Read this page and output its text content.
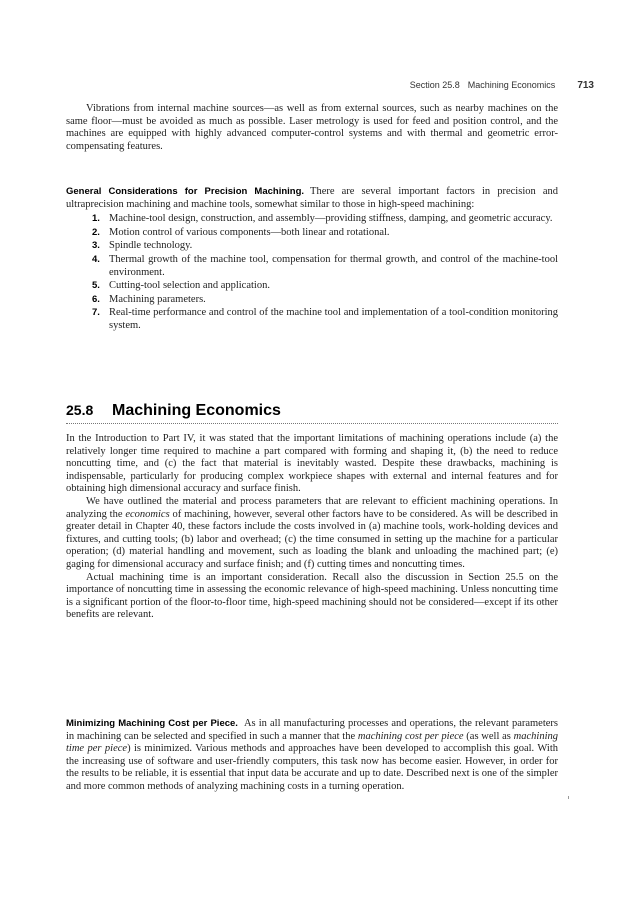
Section 25.8 Machining Economics 713

Vibrations from internal machine sources—as well as from external sources, such as nearby machines on the same floor—must be avoided as much as possible. Laser metrology is used for feed and position control, and the machines are equipped with highly advanced computer-control systems and with thermal and geometric error-compensating features.

General Considerations for Precision Machining. There are several important factors in precision and ultraprecision machining and machine tools, somewhat similar to those in high-speed machining:

1. Machine-tool design, construction, and assembly—providing stiffness, damping, and geometric accuracy.
2. Motion control of various components—both linear and rotational.
3. Spindle technology.
4. Thermal growth of the machine tool, compensation for thermal growth, and control of the machine-tool environment.
5. Cutting-tool selection and application.
6. Machining parameters.
7. Real-time performance and control of the machine tool and implementation of a tool-condition monitoring system.
25.8	Machining Economics

In the Introduction to Part IV, it was stated that the important limitations of machining operations include (a) the relatively longer time required to machine a part compared with forming and shaping it, (b) the need to reduce noncutting time, and (c) the fact that material is inevitably wasted. Despite these drawbacks, machining is indispensable, particularly for producing complex workpiece shapes with external and internal features and for obtaining high dimensional accuracy and surface finish.

We have outlined the material and process parameters that are relevant to efficient machining operations. In analyzing the economics of machining, however, several other factors have to be considered. As will be described in greater detail in Chapter 40, these factors include the costs involved in (a) machine tools, work-holding devices and fixtures, and cutting tools; (b) labor and overhead; (c) the time consumed in setting up the machine for a particular operation; (d) material handling and movement, such as loading the blank and unloading the machined part; (e) gaging for dimensional accuracy and surface finish; and (f) cutting times and noncutting times.

Actual machining time is an important consideration. Recall also the discussion in Section 25.5 on the importance of noncutting time in assessing the economic relevance of high-speed machining. Unless noncutting time is a significant portion of the floor-to-floor time, high-speed machining should not be considered—except if its other benefits are relevant.

Minimizing Machining Cost per Piece. As in all manufacturing processes and operations, the relevant parameters in machining can be selected and specified in such a manner that the machining cost per piece (as well as machining time per piece) is minimized. Various methods and approaches have been developed to accomplish this goal. With the increasing use of software and user-friendly computers, this task now has become easier. However, in order for the results to be reliable, it is essential that input data be accurate and up to date. Described next is one of the simpler and more common methods of analyzing machining costs in a turning operation.
